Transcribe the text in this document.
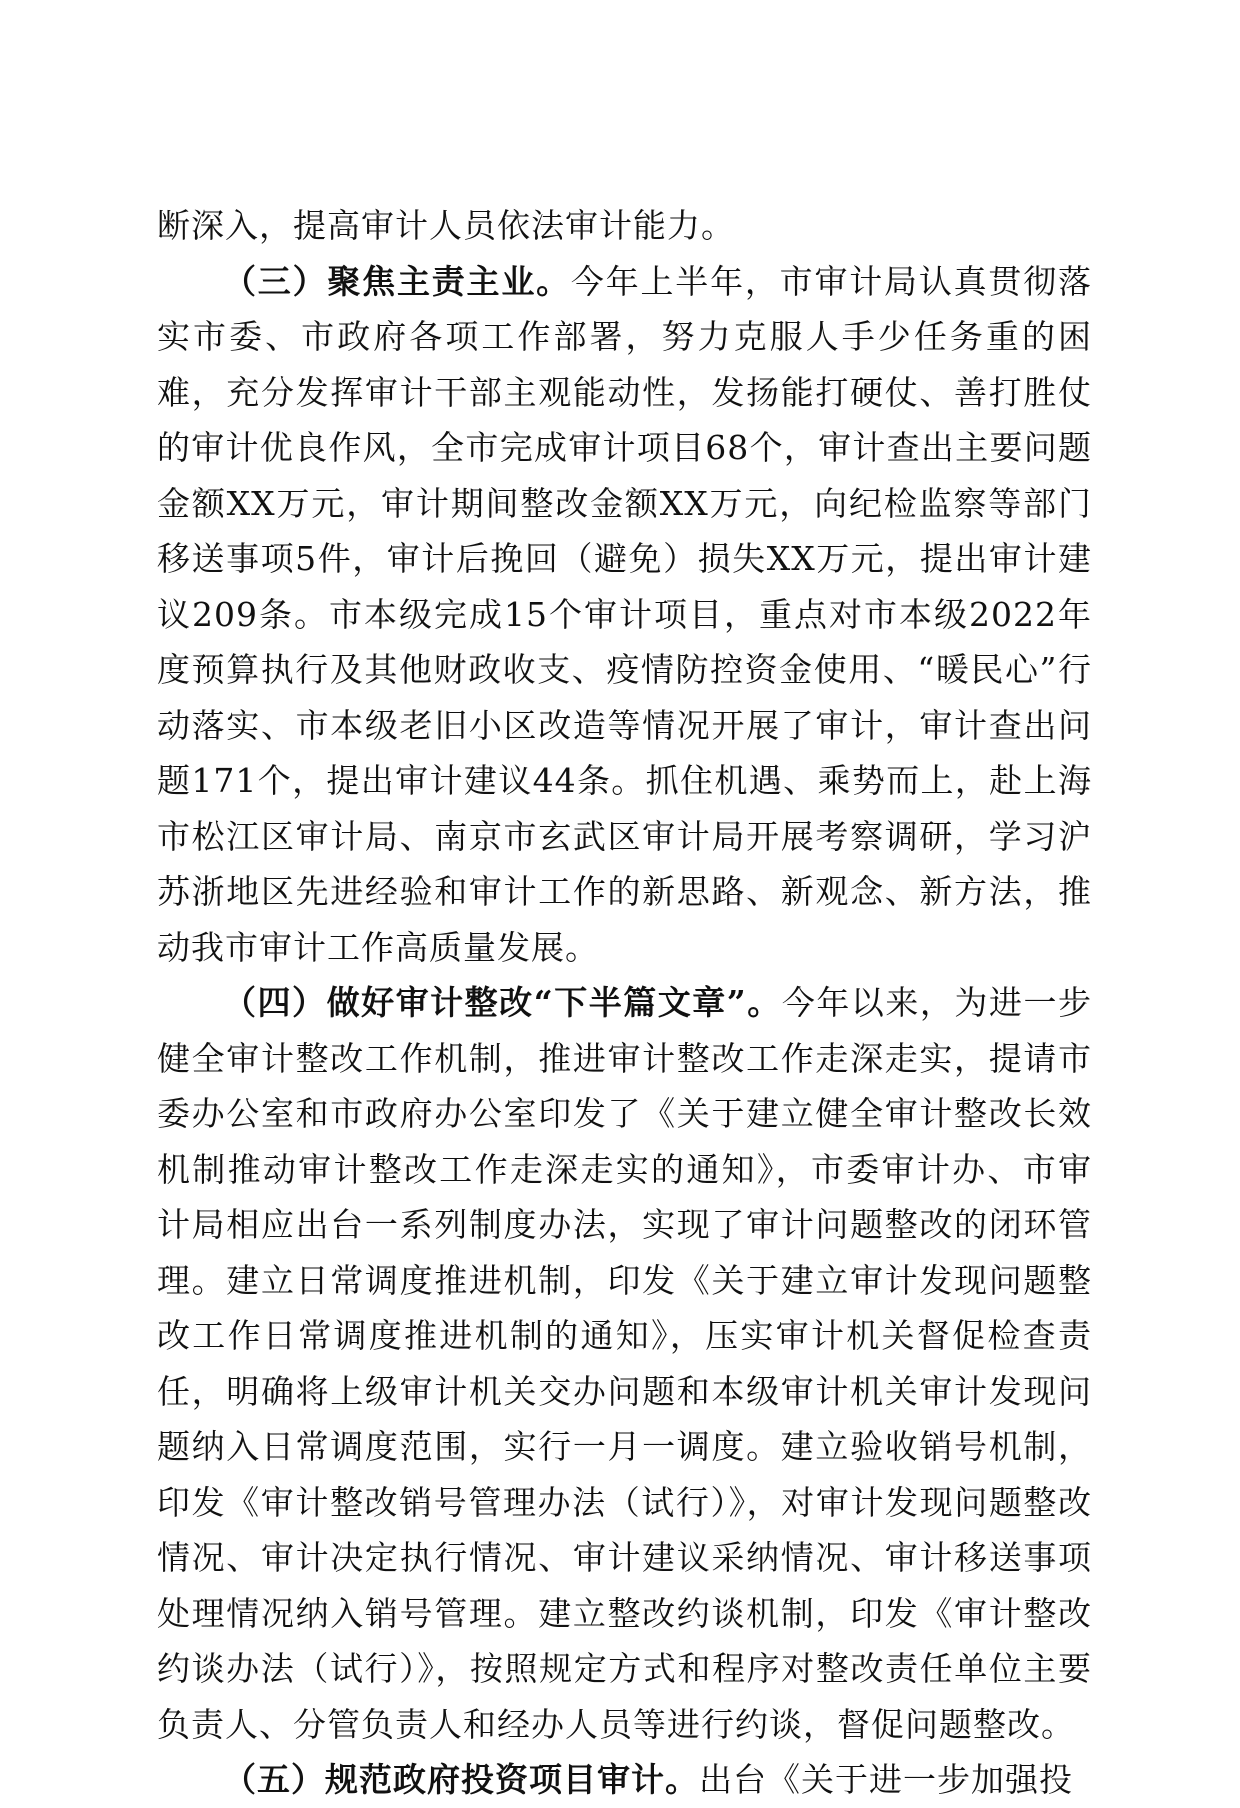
断深入，提高审计人员依法审计能力。

（三）聚焦主责主业。今年上半年，市审计局认真贯彻落实市委、市政府各项工作部署，努力克服人手少任务重的困难，充分发挥审计干部主观能动性，发扬能打硬仗、善打胜仗的审计优良作风，全市完成审计项目68个，审计查出主要问题金额XX万元，审计期间整改金额XX万元，向纪检监察等部门移送事项5件，审计后挽回（避免）损失XX万元，提出审计建议209条。市本级完成15个审计项目，重点对市本级2022年度预算执行及其他财政收支、疫情防控资金使用、“暖民心”行动落实、市本级老旧小区改造等情况开展了审计，审计查出问题171个，提出审计建议44条。抓住机遇、乘势而上，赴上海市松江区审计局、南京市玄武区审计局开展考察调研，学习沪苏浙地区先进经验和审计工作的新思路、新观念、新方法，推动我市审计工作高质量发展。

（四）做好审计整改“下半篇文章”。今年以来，为进一步健全审计整改工作机制，推进审计整改工作走深走实，提请市委办公室和市政府办公室印发了《关于建立健全审计整改长效机制推动审计整改工作走深走实的通知》，市委审计办、市审计局相应出台一系列制度办法，实现了审计问题整改的闭环管理。建立日常调度推进机制，印发《关于建立审计发现问题整改工作日常调度推进机制的通知》，压实审计机关督促检查责任，明确将上级审计机关交办问题和本级审计机关审计发现问题纳入日常调度范围，实行一月一调度。建立验收销号机制，印发《审计整改销号管理办法（试行）》，对审计发现问题整改情况、审计决定执行情况、审计建议采纳情况、审计移送事项处理情况纳入销号管理。建立整改约谈机制，印发《审计整改约谈办法（试行）》，按照规定方式和程序对整改责任单位主要负责人、分管负责人和经办人员等进行约谈，督促问题整改。

（五）规范政府投资项目审计。出台《关于进一步加强投
